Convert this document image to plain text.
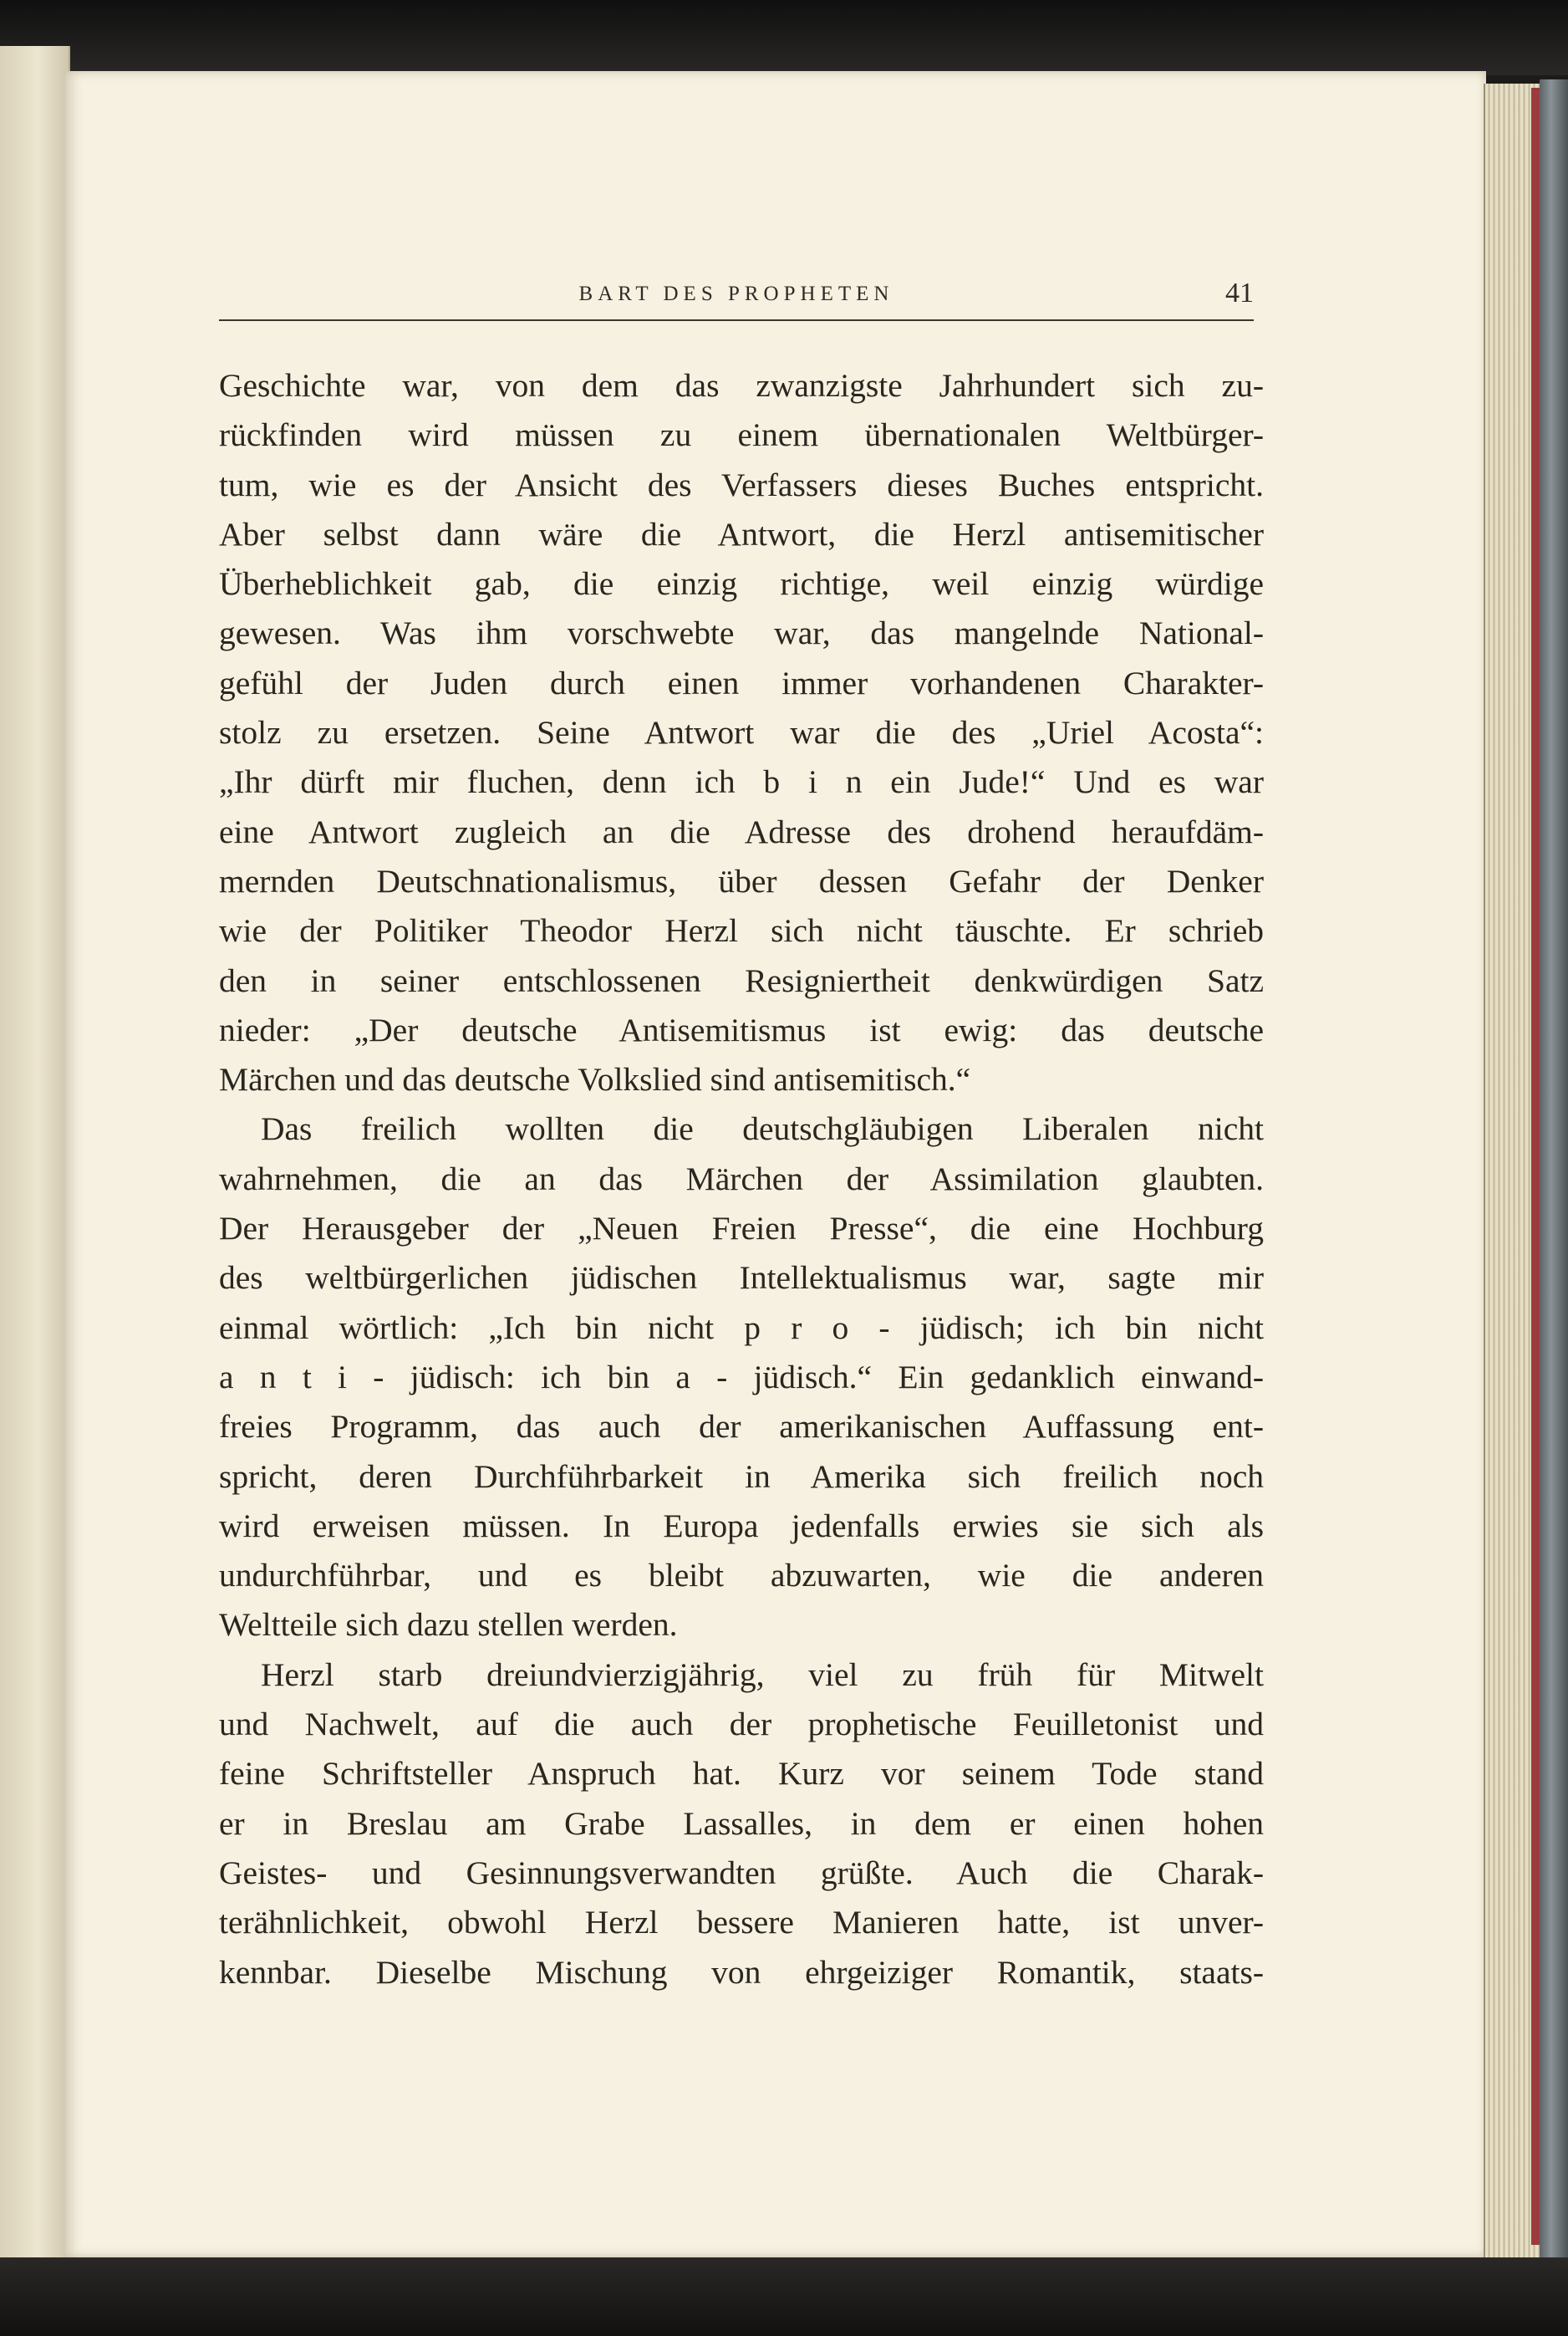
BART DES PROPHETEN	41
Geschichte war, von dem das zwanzigste Jahrhundert sich zu-
rückfinden wird müssen zu einem übernationalen Weltbürger-
tum, wie es der Ansicht des Verfassers dieses Buches entspricht.
Aber selbst dann wäre die Antwort, die Herzl antisemitischer
Überheblichkeit gab, die einzig richtige, weil einzig würdige
gewesen. Was ihm vorschwebte war, das mangelnde National-
gefühl der Juden durch einen immer vorhandenen Charakter-
stolz zu ersetzen. Seine Antwort war die des „Uriel Acosta“:
„Ihr dürft mir fluchen, denn ich b i n ein Jude!“ Und es war
eine Antwort zugleich an die Adresse des drohend heraufdäm-
mernden Deutschnationalismus, über dessen Gefahr der Denker
wie der Politiker Theodor Herzl sich nicht täuschte. Er schrieb
den in seiner entschlossenen Resigniertheit denkwürdigen Satz
nieder: „Der deutsche Antisemitismus ist ewig: das deutsche
Märchen und das deutsche Volkslied sind antisemitisch.“
Das freilich wollten die deutschgläubigen Liberalen nicht
wahrnehmen, die an das Märchen der Assimilation glaubten.
Der Herausgeber der „Neuen Freien Presse“, die eine Hochburg
des weltbürgerlichen jüdischen Intellektualismus war, sagte mir
einmal wörtlich: „Ich bin nicht p r o - jüdisch; ich bin nicht
a n t i - jüdisch: ich bin a - jüdisch.“ Ein gedanklich einwand-
freies Programm, das auch der amerikanischen Auffassung ent-
spricht, deren Durchführbarkeit in Amerika sich freilich noch
wird erweisen müssen. In Europa jedenfalls erwies sie sich als
undurchführbar, und es bleibt abzuwarten, wie die anderen
Weltteile sich dazu stellen werden.
Herzl starb dreiundvierzigjährig, viel zu früh für Mitwelt
und Nachwelt, auf die auch der prophetische Feuilletonist und
feine Schriftsteller Anspruch hat. Kurz vor seinem Tode stand
er in Breslau am Grabe Lassalles, in dem er einen hohen
Geistes- und Gesinnungsverwandten grüßte. Auch die Charak-
terähnlichkeit, obwohl Herzl bessere Manieren hatte, ist unver-
kennbar. Dieselbe Mischung von ehrgeiziger Romantik, staats-
